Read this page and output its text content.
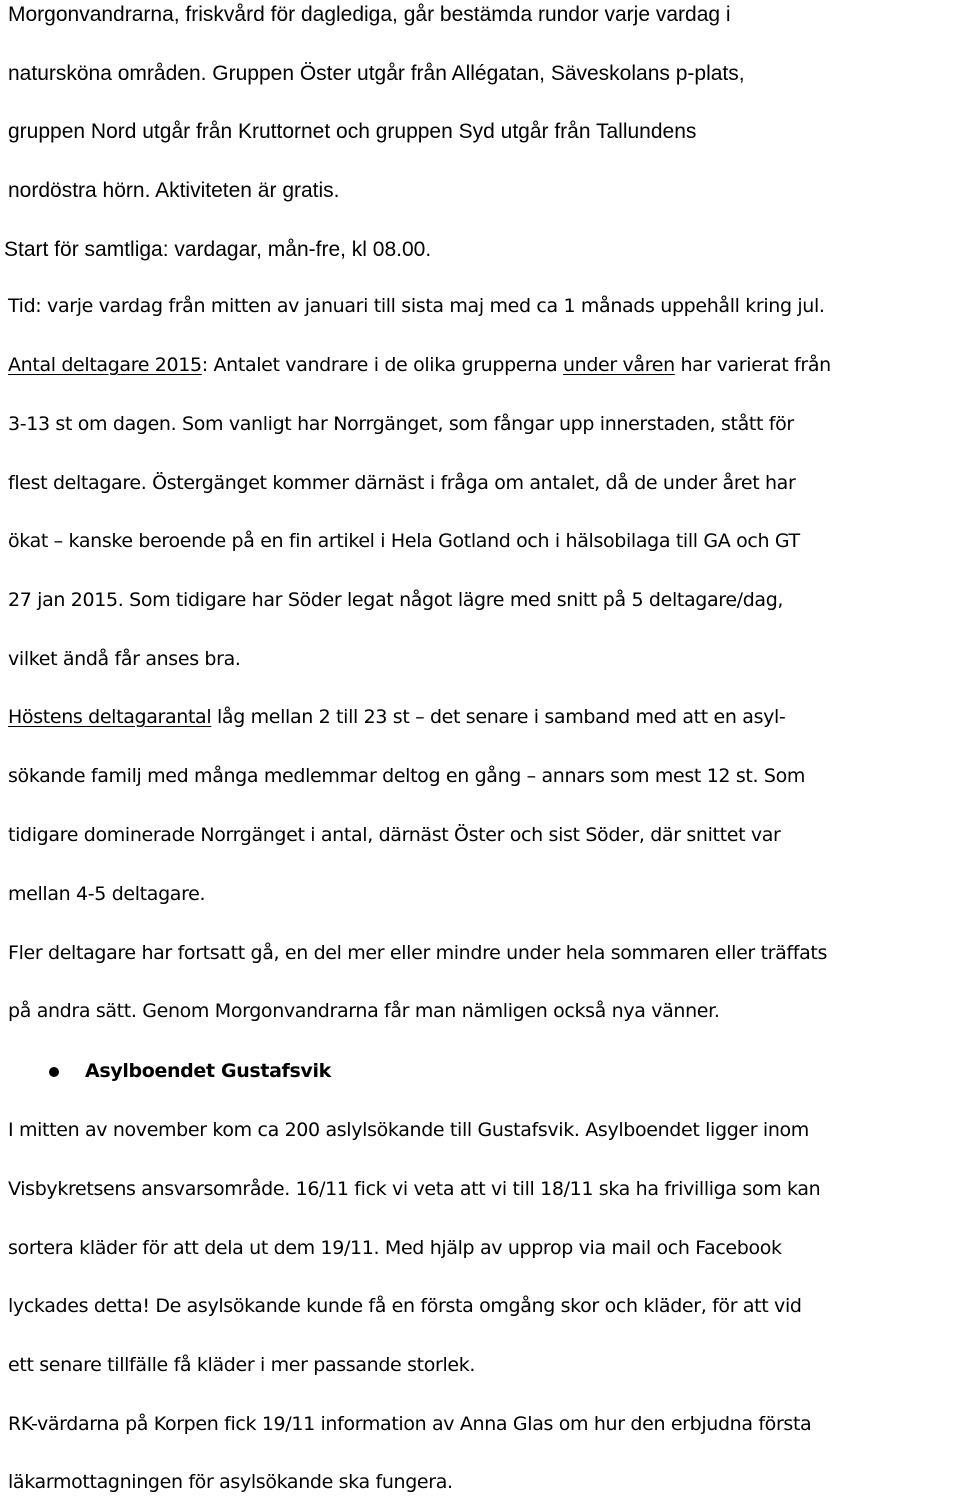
Morgonvandrarna, friskvård för dagledigа, går bestämda rundor varje vardag i
natursköna områden. Gruppen Öster utgår från Allégatan, Säveskolans p-plats,
gruppen Nord utgår från Kruttornet och gruppen Syd utgår från Tallundens
nordöstra hörn. Aktiviteten är gratis.
Start för samtliga: vardagar, mån-fre, kl 08.00.
Tid: varje vardag från mitten av januari till sista maj med ca 1 månads uppehåll kring jul.
Antal deltagare 2015: Antalet vandrare i de olika grupperna under våren har varierat från
3-13 st om dagen. Som vanligt har Norrgänget, som fångar upp innerstaden, stått för
flest deltagare. Östergänget kommer därnäst i fråga om antalet, då de under året har
ökat – kanske beroende på en fin artikel i Hela Gotland och i hälsobilaga till GA och GT
27 jan 2015. Som tidigare har Söder legat något lägre med snitt på 5 deltagare/dag,
vilket ändå får anses bra.
Höstens deltagarantal låg mellan 2 till 23 st – det senare i samband med att en asyl-
sökande familj med många medlemmar deltog en gång – annars som mest 12 st. Som
tidigare dominerade Norrgänget i antal, därnäst Öster och sist Söder, där snittet var
mellan 4-5 deltagare.
Fler deltagare har fortsatt gå, en del mer eller mindre under hela sommaren eller träffats
på andra sätt. Genom Morgonvandrarna får man nämligen också nya vänner.
Asylboendet Gustafsvik
I mitten av november kom ca 200 aslylsökande till Gustafsvik. Asylboendet ligger inom
Visbykretsens ansvarsområde. 16/11 fick vi veta att vi till 18/11 ska ha frivilliga som kan
sortera kläder för att dela ut dem 19/11. Med hjälp av upprop via mail och Facebook
lyckades detta! De asylsökande kunde få en första omgång skor och kläder, för att vid
ett senare tillfälle få kläder i mer passande storlek.
RK-värdarna på Korpen fick 19/11 information av Anna Glas om hur den erbjudna första
läkarmottagningen för asylsökande ska fungera.
